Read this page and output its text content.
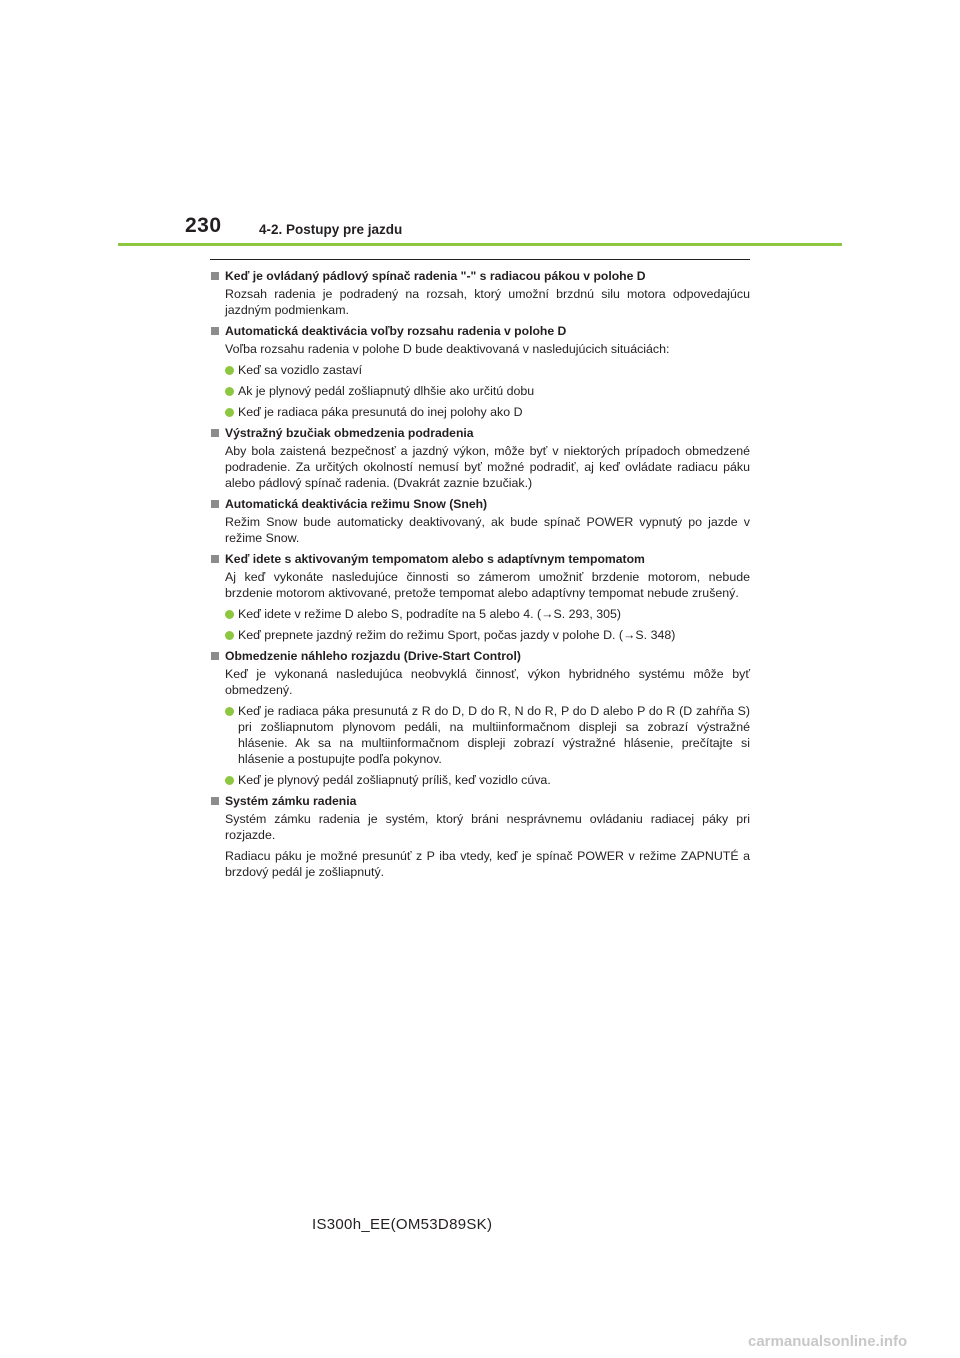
230	4-2. Postupy pre jazdu
Keď je ovládaný pádlový spínač radenia "-" s radiacou pákou v polohe D
Rozsah radenia je podradený na rozsah, ktorý umožní brzdnú silu motora odpovedajúcu jazdným podmienkam.
Automatická deaktivácia voľby rozsahu radenia v polohe D
Voľba rozsahu radenia v polohe D bude deaktivovaná v nasledujúcich situáciách:
Keď sa vozidlo zastaví
Ak je plynový pedál zošliapnutý dlhšie ako určitú dobu
Keď je radiaca páka presunutá do inej polohy ako D
Výstražný bzučiak obmedzenia podradenia
Aby bola zaistená bezpečnosť a jazdný výkon, môže byť v niektorých prípadoch obmedzené podradenie. Za určitých okolností nemusí byť možné podradiť, aj keď ovládate radiacu páku alebo pádlový spínač radenia. (Dvakrát zaznie bzučiak.)
Automatická deaktivácia režimu Snow (Sneh)
Režim Snow bude automaticky deaktivovaný, ak bude spínač POWER vypnutý po jazde v režime Snow.
Keď idete s aktivovaným tempomatom alebo s adaptívnym tempomatom
Aj keď vykonáte nasledujúce činnosti so zámerom umožniť brzdenie motorom, nebude brzdenie motorom aktivované, pretože tempomat alebo adaptívny tempomat nebude zrušený.
Keď idete v režime D alebo S, podradíte na 5 alebo 4. (→S. 293, 305)
Keď prepnete jazdný režim do režimu Sport, počas jazdy v polohe D. (→S. 348)
Obmedzenie náhleho rozjazdu (Drive-Start Control)
Keď je vykonaná nasledujúca neobvyklá činnosť, výkon hybridného systému môže byť obmedzený.
Keď je radiaca páka presunutá z R do D, D do R, N do R, P do D alebo P do R (D zahŕňa S) pri zošliapnutom plynovom pedáli, na multiinformačnom displeji sa zobrazí výstražné hlásenie. Ak sa na multiinformačnom displeji zobrazí výstražné hlásenie, prečítajte si hlásenie a postupujte podľa pokynov.
Keď je plynový pedál zošliapnutý príliš, keď vozidlo cúva.
Systém zámku radenia
Systém zámku radenia je systém, ktorý bráni nesprávnemu ovládaniu radiacej páky pri rozjazde.
Radiacu páku je možné presunúť z P iba vtedy, keď je spínač POWER v režime ZAPNUTÉ a brzdový pedál je zošliapnutý.
IS300h_EE(OM53D89SK)
carmanualsonline.info
